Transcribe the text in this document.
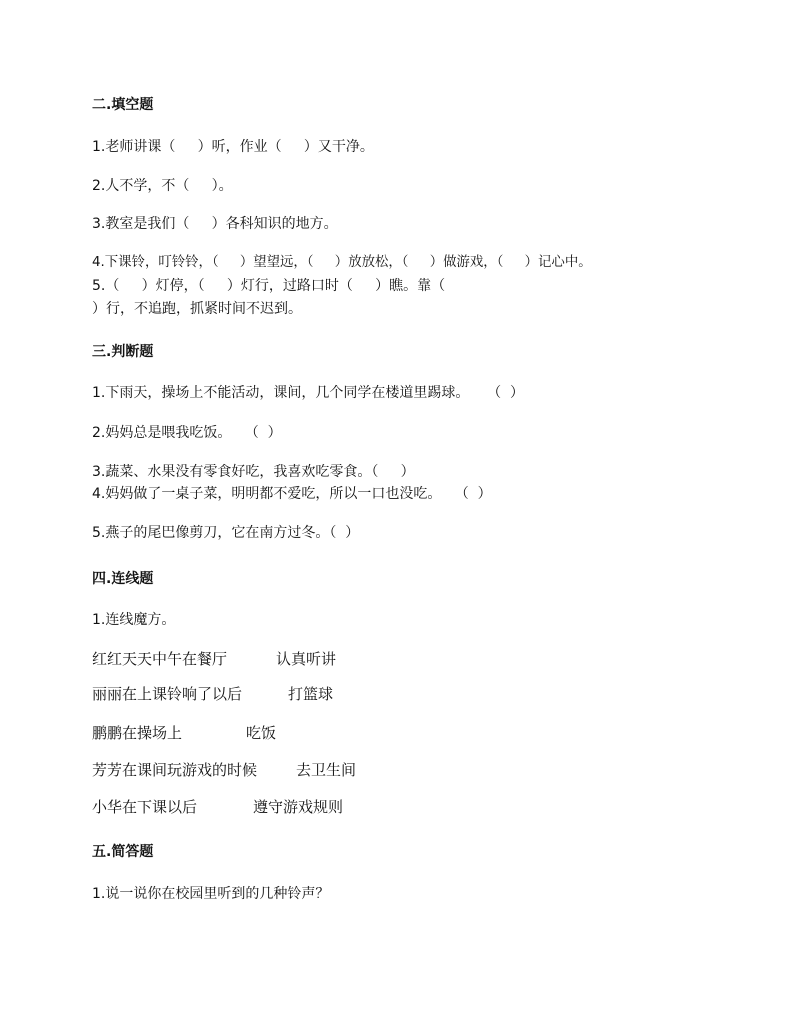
二.填空题
1.老师讲课（     ）听，作业（     ）又干净。
2.人不学，不（     ）。
3.教室是我们（     ）各科知识的地方。
4.下课铃，叮铃铃，（     ）望望远，（     ）放放松，（     ）做游戏，（     ）记心中。
5.（     ）灯停，（     ）灯行，过路口时（     ）瞧。靠（
）行，不追跑，抓紧时间不迟到。
三.判断题
1.下雨天，操场上不能活动，课间，几个同学在楼道里踢球。    （  ）
2.妈妈总是喂我吃饭。   （  ）
3.蔬菜、水果没有零食好吃，我喜欢吃零食。（     ）
4.妈妈做了一桌子菜，明明都不爱吃，所以一口也没吃。   （  ）
5.燕子的尾巴像剪刀，它在南方过冬。（  ）
四.连线题
1.连线魔方。
红红天天中午在餐厅	认真听讲
丽丽在上课铃响了以后	打篮球
鹏鹏在操场上	吃饭
芳芳在课间玩游戏的时候	去卫生间
小华在下课以后	遵守游戏规则
五.简答题
1.说一说你在校园里听到的几种铃声？
